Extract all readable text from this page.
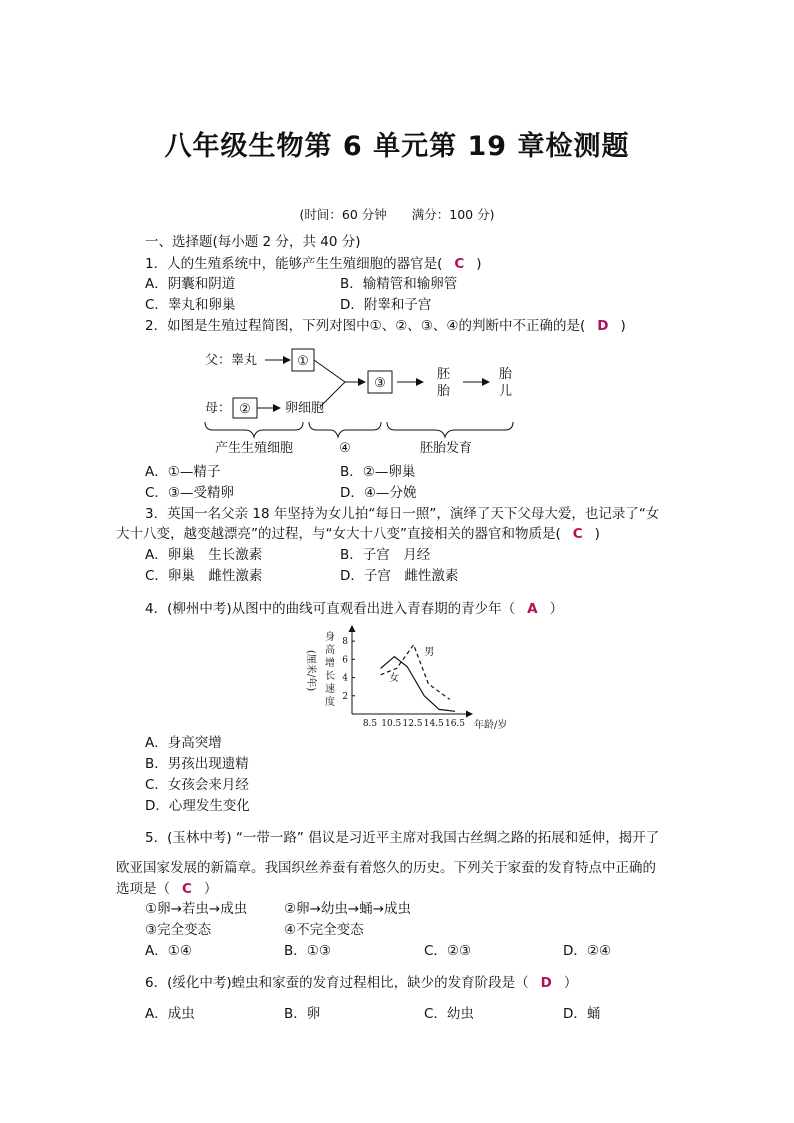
八年级生物第 6 单元第 19 章检测题
(时间：60 分钟　　满分：100 分)
一、选择题(每小题 2 分，共 40 分)
1．人的生殖系统中，能够产生生殖细胞的器官是( C )
A．阴囊和阴道	B．输精管和输卵管
C．睾丸和卵巢	D．附睾和子宫
2．如图是生殖过程简图，下列对图中①、②、③、④的判断中不正确的是( D )
父：睾丸	①
③
胚
胎
胎
儿
母： ②	卵细胞
产生生殖细胞	④	胚胎发育
A．①—精子	B．②—卵巢
C．③—受精卵	D．④—分娩
3．英国一名父亲 18 年坚持为女儿拍“每日一照”，演绎了天下父母大爱，也记录了“女
大十八变，越变越漂亮”的过程，与“女大十八变”直接相关的器官和物质是( C )
A．卵巢　生长激素	B．子宫　月经
C．卵巢　雌性激素	D．子宫　雌性激素
4．(柳州中考)从图中的曲线可直观看出进入青春期的青少年（ A ）
8.5 10.5 12.5 14.5 16.5
2
4
6
8
年龄/岁
身
高
增
长
速
度
(厘米/年)	男
女
A．身高突增
B．男孩出现遗精
C．女孩会来月经
D．心理发生变化
5．(玉林中考) “一带一路” 倡议是习近平主席对我国古丝绸之路的拓展和延伸，揭开了
欧亚国家发展的新篇章。我国织丝养蚕有着悠久的历史。下列关于家蚕的发育特点中正确的
选项是（ C ）
①卵→若虫→成虫	②卵→幼虫→蛹→成虫
③完全变态	④不完全变态
A．①④	B．①③	C．②③	D．②④
6．(绥化中考)蝗虫和家蚕的发育过程相比，缺少的发育阶段是（ D ）
A．成虫	B．卵	C．幼虫	D．蛹
